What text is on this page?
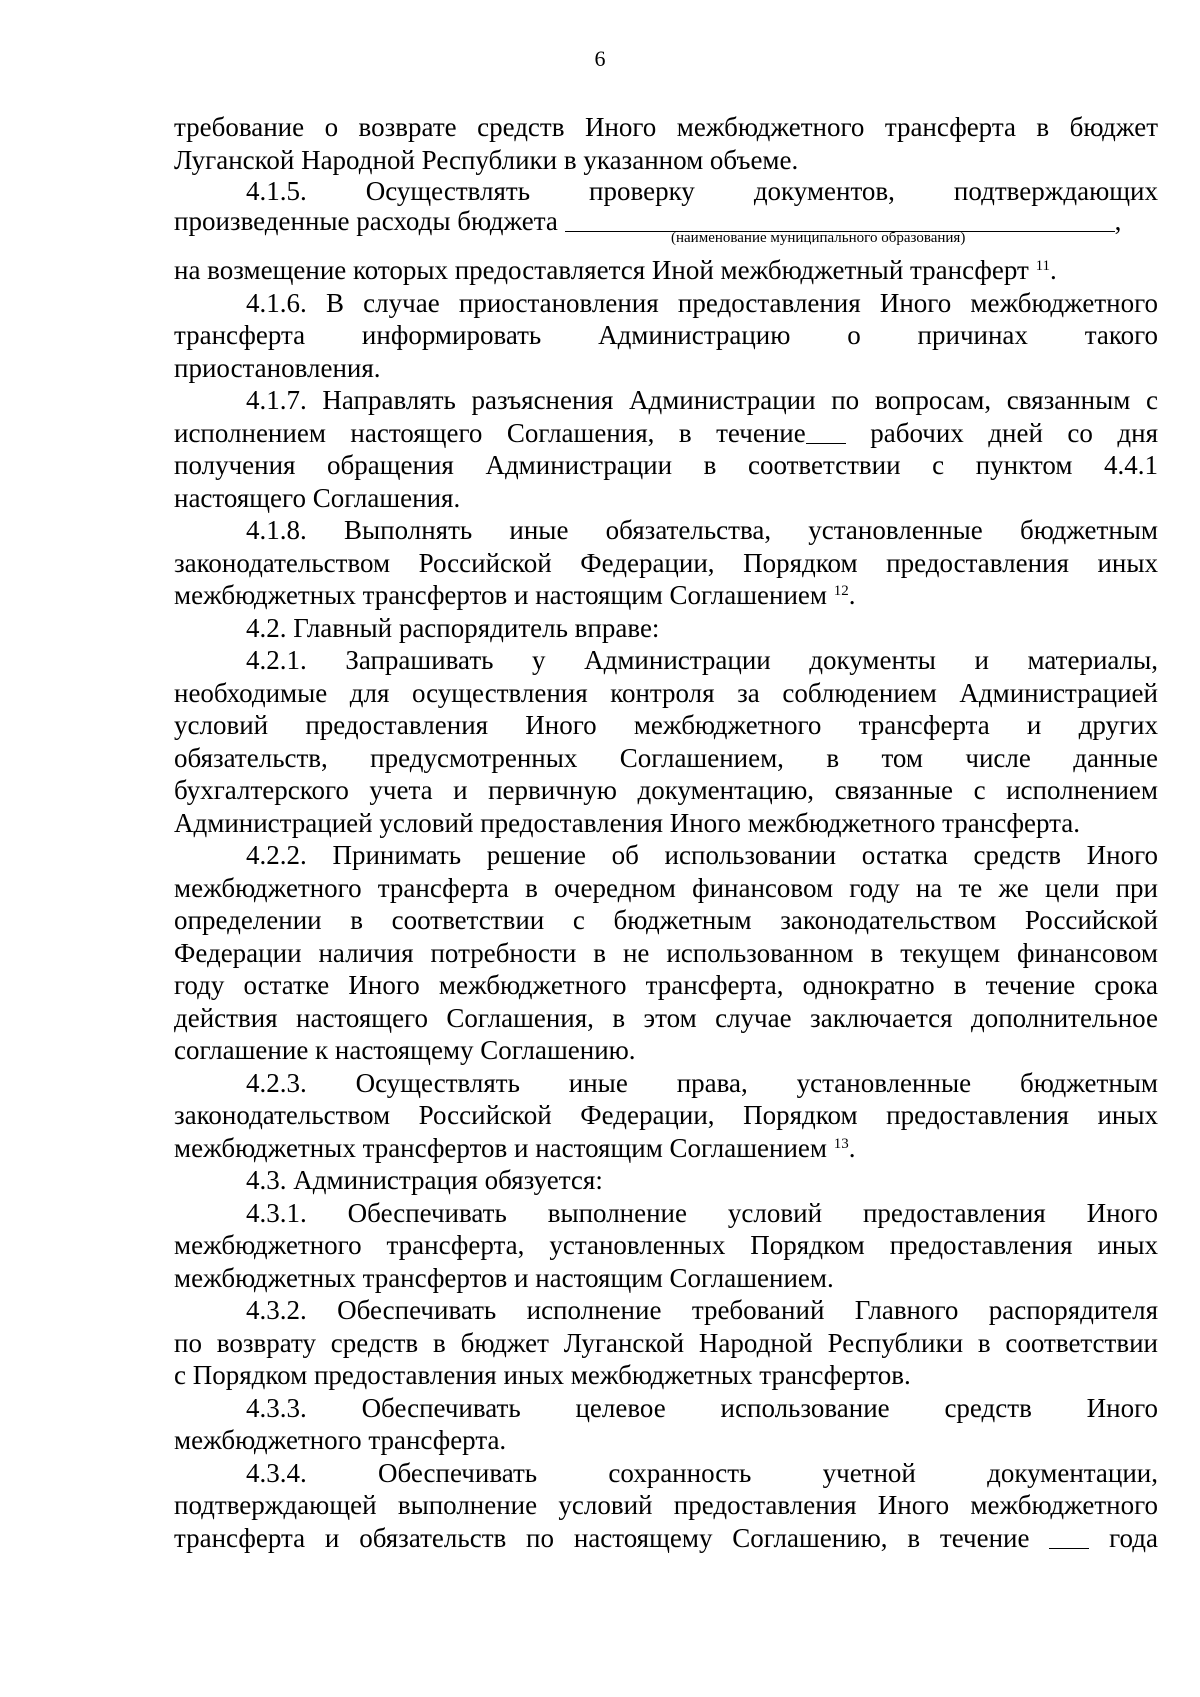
6
требование о возврате средств Иного межбюджетного трансферта в бюджет
Луганской Народной Республики в указанном объеме.
4.1.5. Осуществлять проверку документов, подтверждающих
произведенные расходы бюджета	,
(наименование муниципального образования)
на возмещение которых предоставляется Иной межбюджетный трансферт $^{11}$.
4.1.6. В случае приостановления предоставления Иного межбюджетного
трансферта информировать Администрацию о причинах такого
приостановления.
4.1.7. Направлять разъяснения Администрации по вопросам, связанным с
исполнением настоящего Соглашения, в течение рабочих дней со дня
получения обращения Администрации в соответствии с пунктом 4.4.1
настоящего Соглашения.
4.1.8. Выполнять иные обязательства, установленные бюджетным
законодательством Российской Федерации, Порядком предоставления иных
межбюджетных трансфертов и настоящим Соглашением $^{12}$.
4.2. Главный распорядитель вправе:
4.2.1. Запрашивать у Администрации документы и материалы,
необходимые для осуществления контроля за соблюдением Администрацией
условий предоставления Иного межбюджетного трансферта и других
обязательств, предусмотренных Соглашением, в том числе данные
бухгалтерского учета и первичную документацию, связанные с исполнением
Администрацией условий предоставления Иного межбюджетного трансферта.
4.2.2. Принимать решение об использовании остатка средств Иного
межбюджетного трансферта в очередном финансовом году на те же цели при
определении в соответствии с бюджетным законодательством Российской
Федерации наличия потребности в не использованном в текущем финансовом
году остатке Иного межбюджетного трансферта, однократно в течение срока
действия настоящего Соглашения, в этом случае заключается дополнительное
соглашение к настоящему Соглашению.
4.2.3. Осуществлять иные права, установленные бюджетным
законодательством Российской Федерации, Порядком предоставления иных
межбюджетных трансфертов и настоящим Соглашением $^{13}$.
4.3. Администрация обязуется:
4.3.1. Обеспечивать выполнение условий предоставления Иного
межбюджетного трансферта, установленных Порядком предоставления иных
межбюджетных трансфертов и настоящим Соглашением.
4.3.2. Обеспечивать исполнение требований Главного распорядителя
по возврату средств в бюджет Луганской Народной Республики в соответствии
с Порядком предоставления иных межбюджетных трансфертов.
4.3.3. Обеспечивать целевое использование средств Иного
межбюджетного трансферта.
4.3.4. Обеспечивать сохранность учетной документации,
подтверждающей выполнение условий предоставления Иного межбюджетного
трансферта и обязательств по настоящему Соглашению, в течение	года
